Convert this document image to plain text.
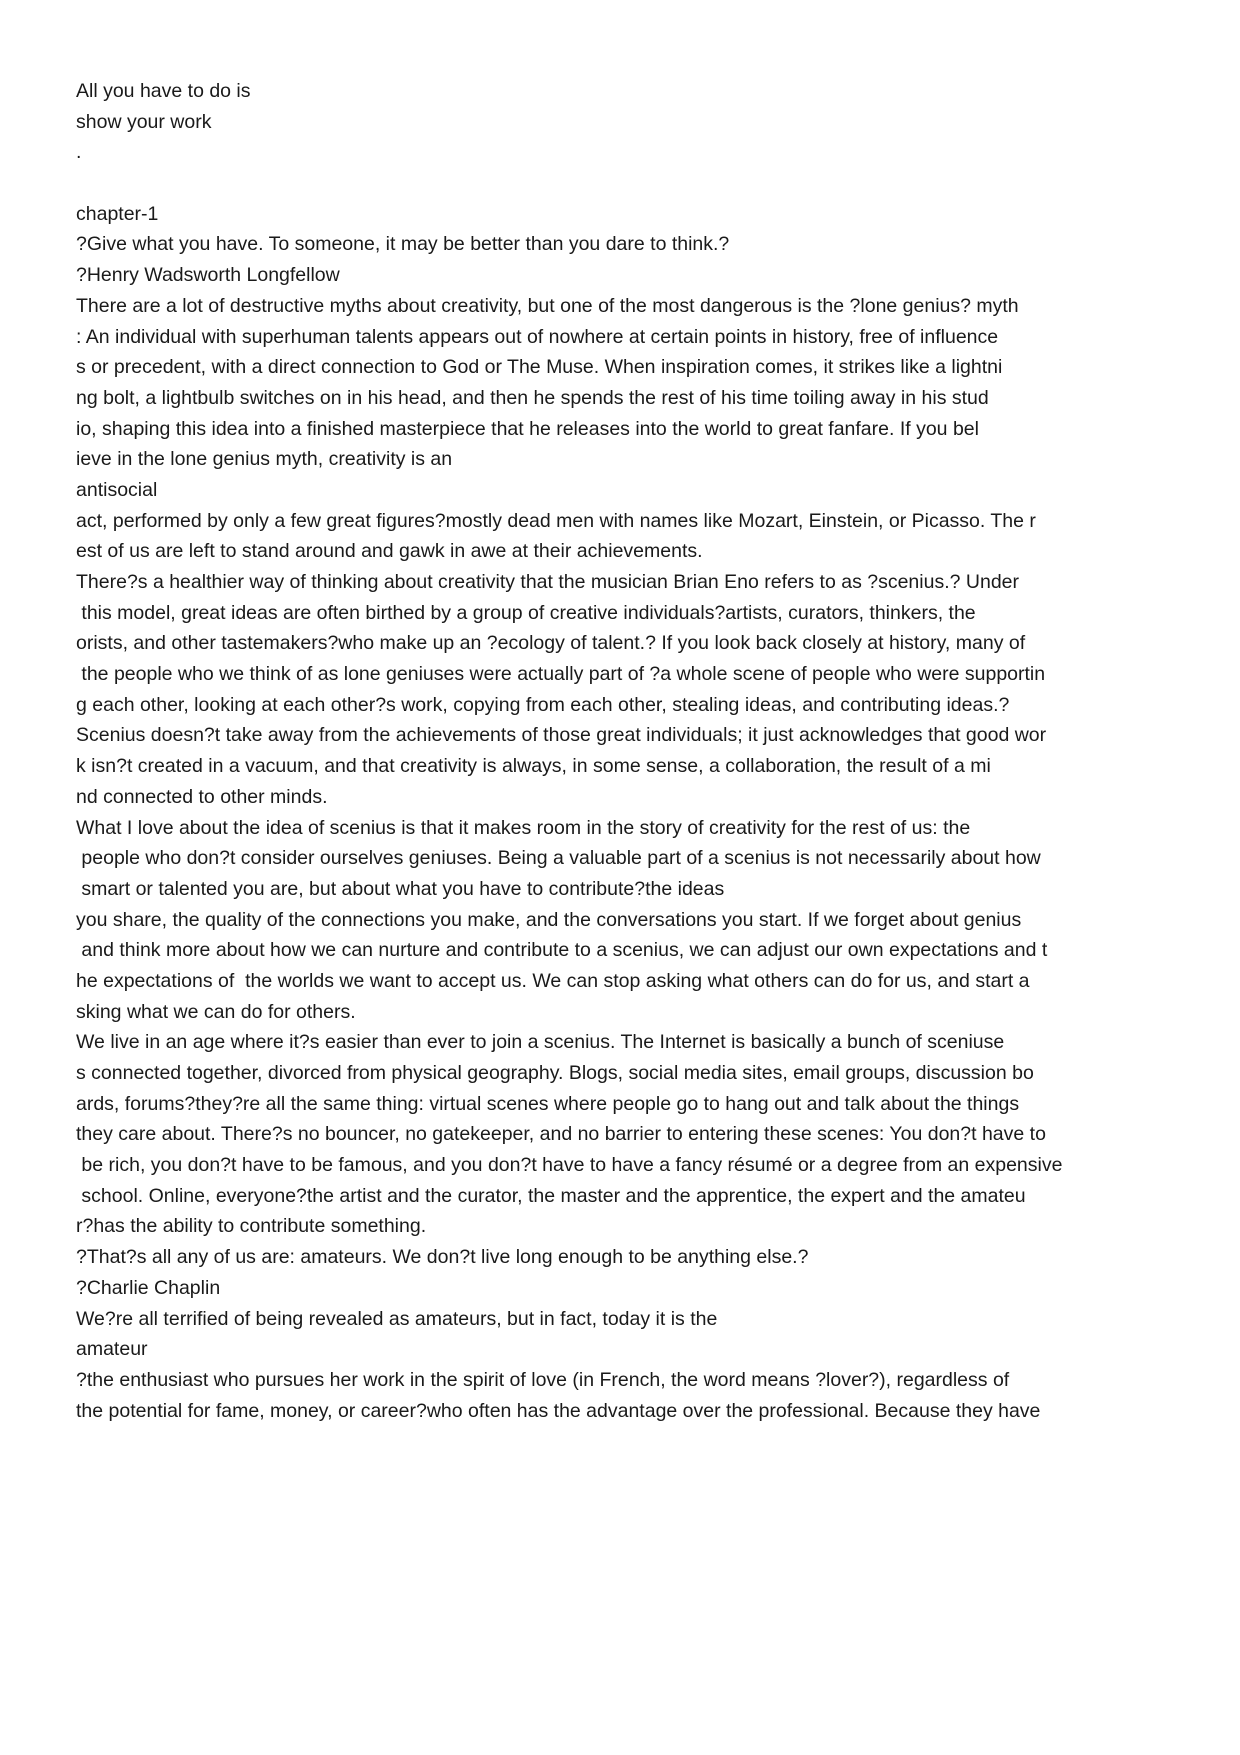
All you have to do is
show your work
.
chapter-1
?Give what you have. To someone, it may be better than you dare to think.?
?Henry Wadsworth Longfellow
There are a lot of destructive myths about creativity, but one of the most dangerous is the ?lone genius? myth
: An individual with superhuman talents appears out of nowhere at certain points in history, free of influence
s or precedent, with a direct connection to God or The Muse. When inspiration comes, it strikes like a lightni
ng bolt, a lightbulb switches on in his head, and then he spends the rest of his time toiling away in his stud
io, shaping this idea into a finished masterpiece that he releases into the world to great fanfare. If you bel
ieve in the lone genius myth, creativity is an
antisocial
act, performed by only a few great figures?mostly dead men with names like Mozart, Einstein, or Picasso. The r
est of us are left to stand around and gawk in awe at their achievements.
There?s a healthier way of thinking about creativity that the musician Brian Eno refers to as ?scenius.? Under
this model, great ideas are often birthed by a group of creative individuals?artists, curators, thinkers, the
orists, and other tastemakers?who make up an ?ecology of talent.? If you look back closely at history, many of
the people who we think of as lone geniuses were actually part of ?a whole scene of people who were supportin
g each other, looking at each other?s work, copying from each other, stealing ideas, and contributing ideas.?
Scenius doesn?t take away from the achievements of those great individuals; it just acknowledges that good wor
k isn?t created in a vacuum, and that creativity is always, in some sense, a collaboration, the result of a mi
nd connected to other minds.
What I love about the idea of scenius is that it makes room in the story of creativity for the rest of us: the
people who don?t consider ourselves geniuses. Being a valuable part of a scenius is not necessarily about how
smart or talented you are, but about what you have to contribute?the ideas
you share, the quality of the connections you make, and the conversations you start. If we forget about genius
and think more about how we can nurture and contribute to a scenius, we can adjust our own expectations and t
he expectations of  the worlds we want to accept us. We can stop asking what others can do for us, and start a
sking what we can do for others.
We live in an age where it?s easier than ever to join a scenius. The Internet is basically a bunch of sceniuse
s connected together, divorced from physical geography. Blogs, social media sites, email groups, discussion bo
ards, forums?they?re all the same thing: virtual scenes where people go to hang out and talk about the things
they care about. There?s no bouncer, no gatekeeper, and no barrier to entering these scenes: You don?t have to
be rich, you don?t have to be famous, and you don?t have to have a fancy résumé or a degree from an expensive
school. Online, everyone?the artist and the curator, the master and the apprentice, the expert and the amateu
r?has the ability to contribute something.
?That?s all any of us are: amateurs. We don?t live long enough to be anything else.?
?Charlie Chaplin
We?re all terrified of being revealed as amateurs, but in fact, today it is the
amateur
?the enthusiast who pursues her work in the spirit of love (in French, the word means ?lover?), regardless of
the potential for fame, money, or career?who often has the advantage over the professional. Because they have
